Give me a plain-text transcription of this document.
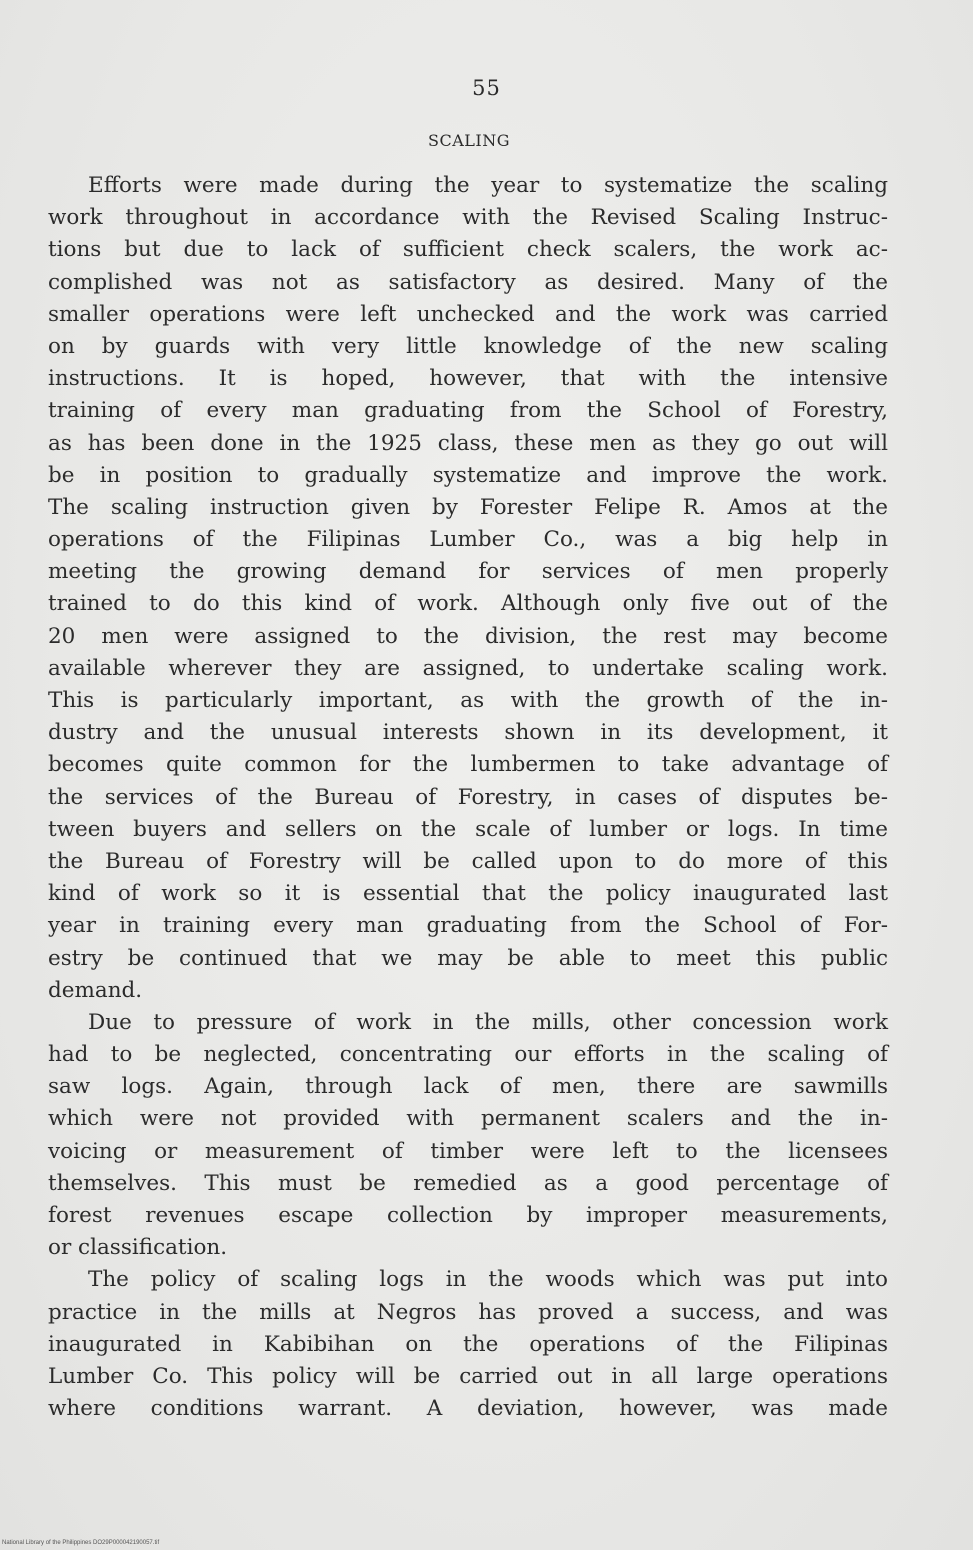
55
SCALING
Efforts were made during the year to systematize the scaling
work throughout in accordance with the Revised Scaling Instruc-
tions but due to lack of sufficient check scalers, the work ac-
complished was not as satisfactory as desired. Many of the
smaller operations were left unchecked and the work was carried
on by guards with very little knowledge of the new scaling
instructions. It is hoped, however, that with the intensive
training of every man graduating from the School of Forestry,
as has been done in the 1925 class, these men as they go out will
be in position to gradually systematize and improve the work.
The scaling instruction given by Forester Felipe R. Amos at the
operations of the Filipinas Lumber Co., was a big help in
meeting the growing demand for services of men properly
trained to do this kind of work. Although only five out of the
20 men were assigned to the division, the rest may become
available wherever they are assigned, to undertake scaling work.
This is particularly important, as with the growth of the in-
dustry and the unusual interests shown in its development, it
becomes quite common for the lumbermen to take advantage of
the services of the Bureau of Forestry, in cases of disputes be-
tween buyers and sellers on the scale of lumber or logs. In time
the Bureau of Forestry will be called upon to do more of this
kind of work so it is essential that the policy inaugurated last
year in training every man graduating from the School of For-
estry be continued that we may be able to meet this public
demand.
Due to pressure of work in the mills, other concession work
had to be neglected, concentrating our efforts in the scaling of
saw logs. Again, through lack of men, there are sawmills
which were not provided with permanent scalers and the in-
voicing or measurement of timber were left to the licensees
themselves. This must be remedied as a good percentage of
forest revenues escape collection by improper measurements,
or classification.
The policy of scaling logs in the woods which was put into
practice in the mills at Negros has proved a success, and was
inaugurated in Kabibihan on the operations of the Filipinas
Lumber Co. This policy will be carried out in all large operations
where conditions warrant. A deviation, however, was made
National Library of the Philippines DO29P000042190057.tif
